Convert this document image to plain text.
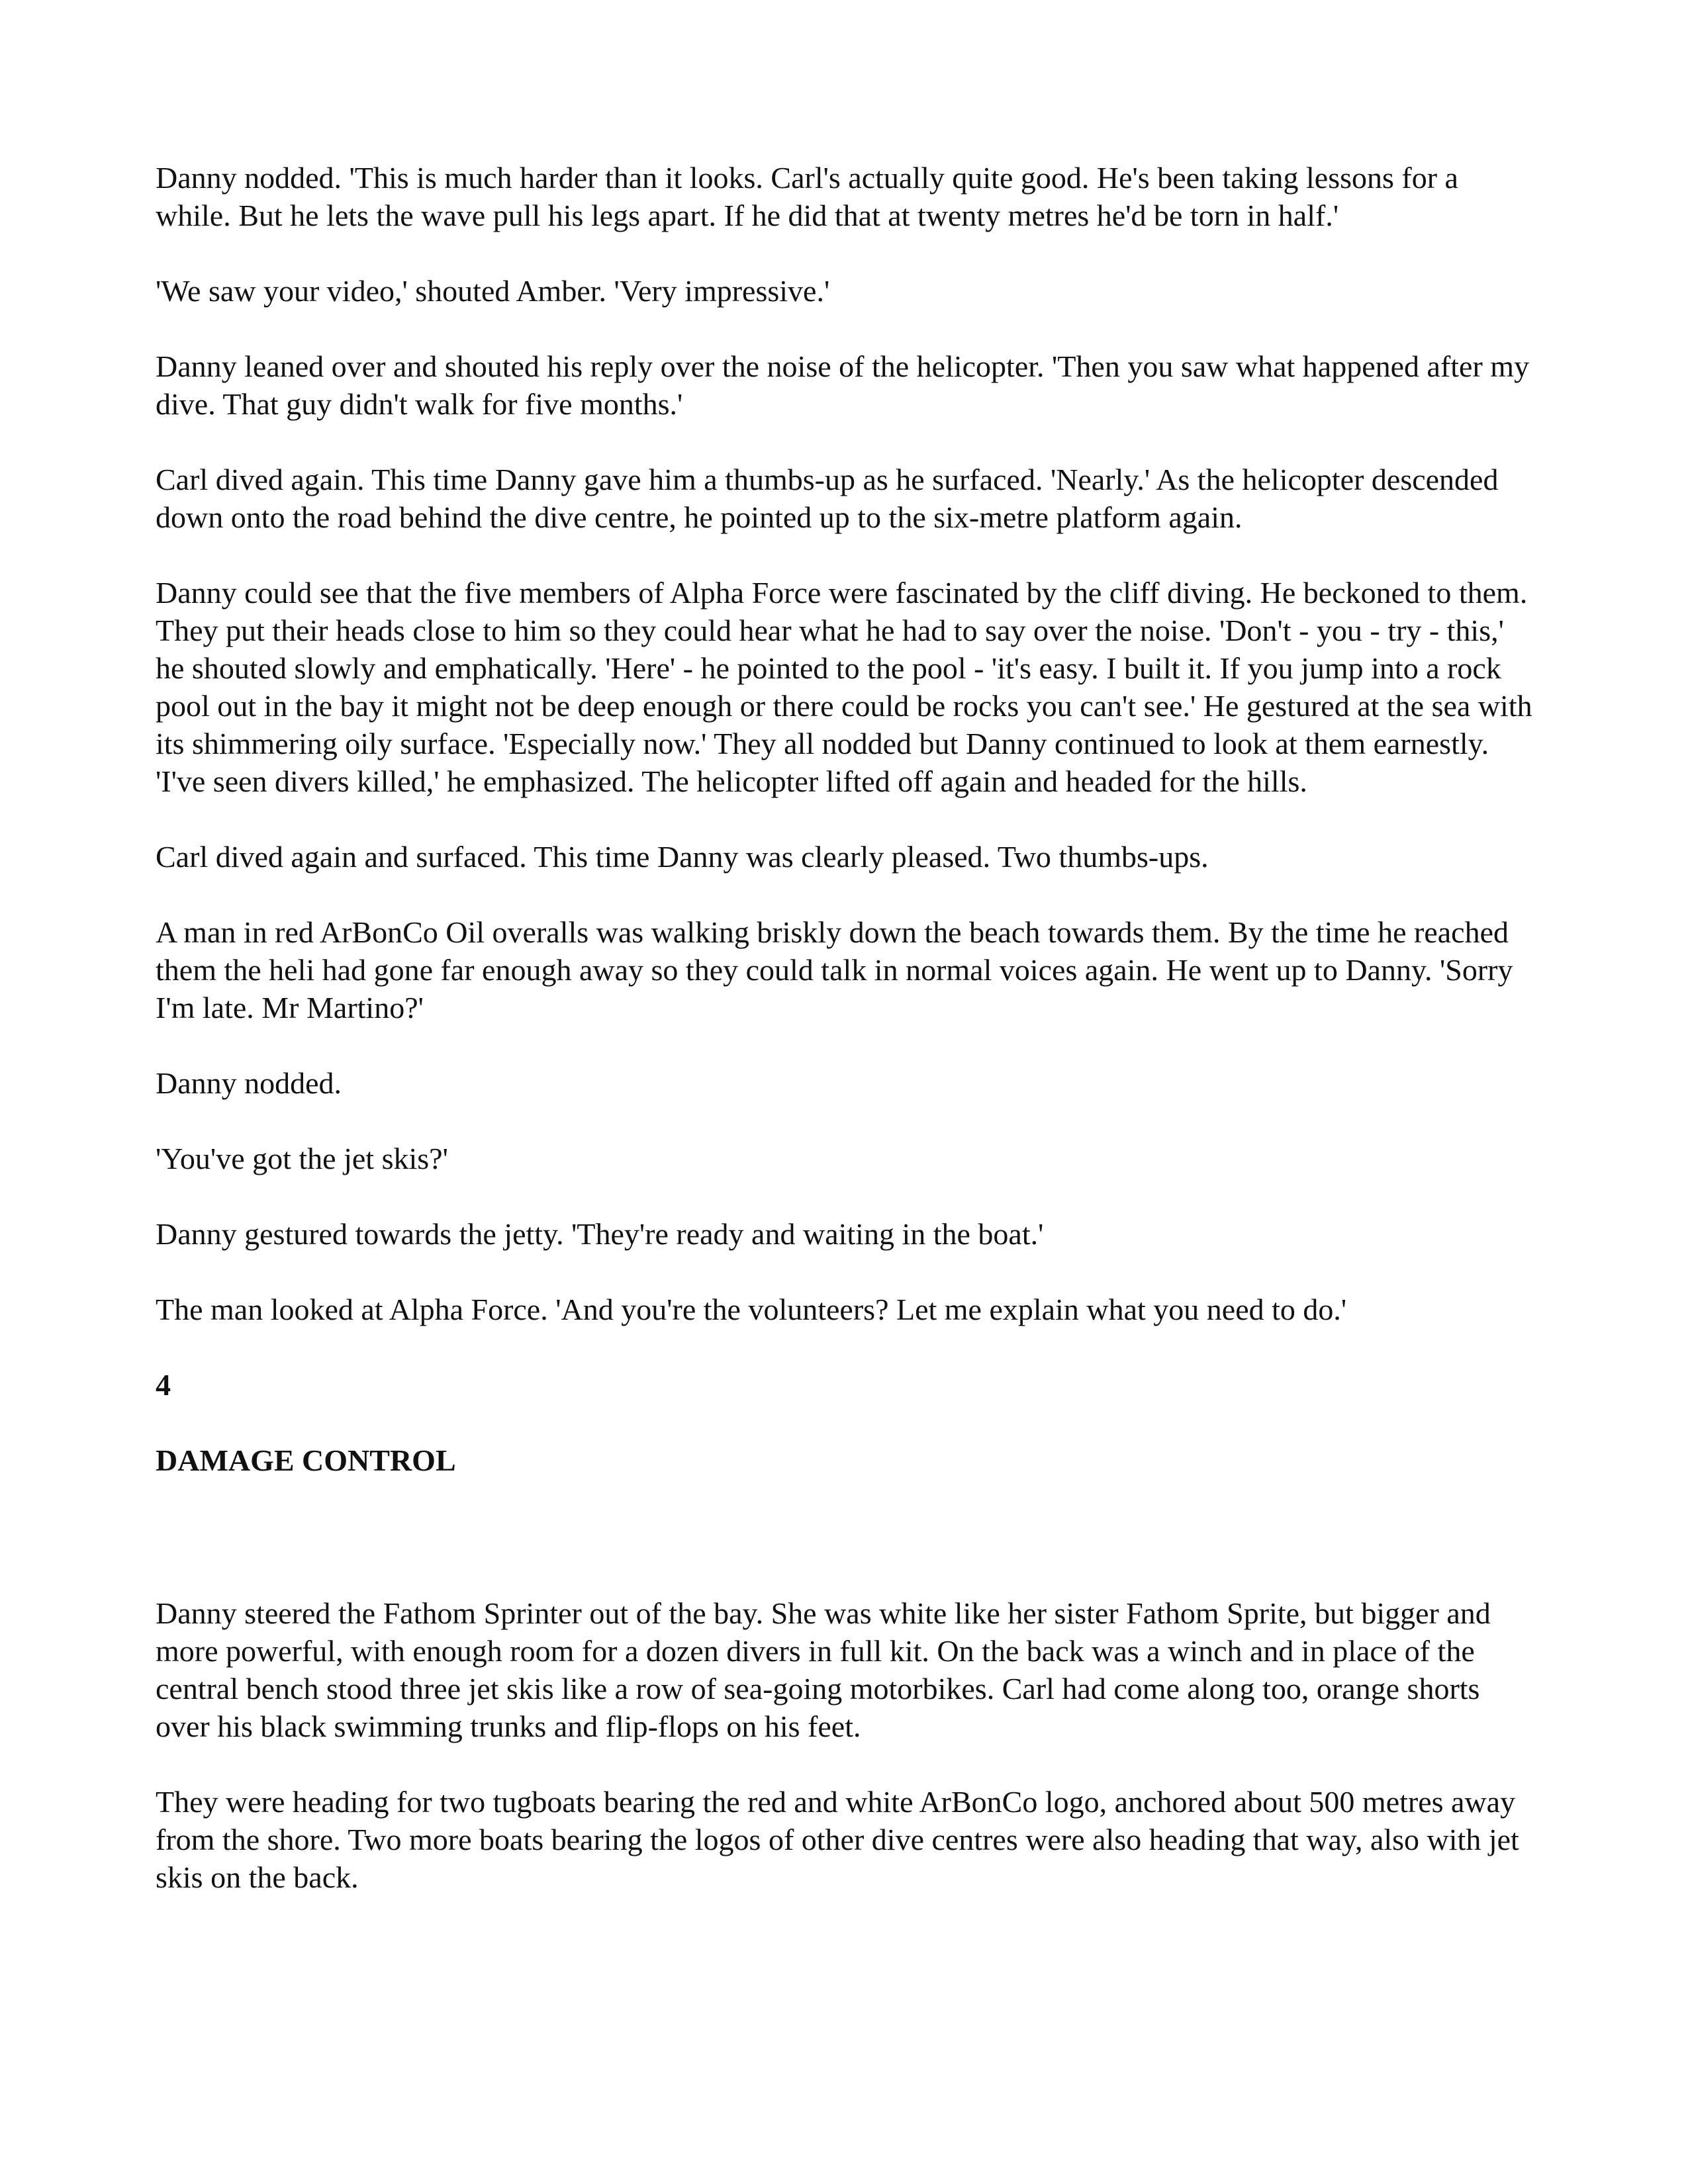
Danny nodded. 'This is much harder than it looks. Carl's actually quite good. He's been taking lessons for a while. But he lets the wave pull his legs apart. If he did that at twenty metres he'd be torn in half.'

'We saw your video,' shouted Amber. 'Very impressive.'

Danny leaned over and shouted his reply over the noise of the helicopter. 'Then you saw what happened after my dive. That guy didn't walk for five months.'

Carl dived again. This time Danny gave him a thumbs-up as he surfaced. 'Nearly.' As the helicopter descended down onto the road behind the dive centre, he pointed up to the six-metre platform again.

Danny could see that the five members of Alpha Force were fascinated by the cliff diving. He beckoned to them. They put their heads close to him so they could hear what he had to say over the noise. 'Don't - you - try - this,' he shouted slowly and emphatically. 'Here' - he pointed to the pool - 'it's easy. I built it. If you jump into a rock pool out in the bay it might not be deep enough or there could be rocks you can't see.' He gestured at the sea with its shimmering oily surface. 'Especially now.' They all nodded but Danny continued to look at them earnestly. 'I've seen divers killed,' he emphasized. The helicopter lifted off again and headed for the hills.

Carl dived again and surfaced. This time Danny was clearly pleased. Two thumbs-ups.

A man in red ArBonCo Oil overalls was walking briskly down the beach towards them. By the time he reached them the heli had gone far enough away so they could talk in normal voices again. He went up to Danny. 'Sorry I'm late. Mr Martino?'

Danny nodded.

'You've got the jet skis?'

Danny gestured towards the jetty. 'They're ready and waiting in the boat.'

The man looked at Alpha Force. 'And you're the volunteers? Let me explain what you need to do.'

4

DAMAGE CONTROL

Danny steered the Fathom Sprinter out of the bay. She was white like her sister Fathom Sprite, but bigger and more powerful, with enough room for a dozen divers in full kit. On the back was a winch and in place of the central bench stood three jet skis like a row of sea-going motorbikes. Carl had come along too, orange shorts over his black swimming trunks and flip-flops on his feet.

They were heading for two tugboats bearing the red and white ArBonCo logo, anchored about 500 metres away from the shore. Two more boats bearing the logos of other dive centres were also heading that way, also with jet skis on the back.
